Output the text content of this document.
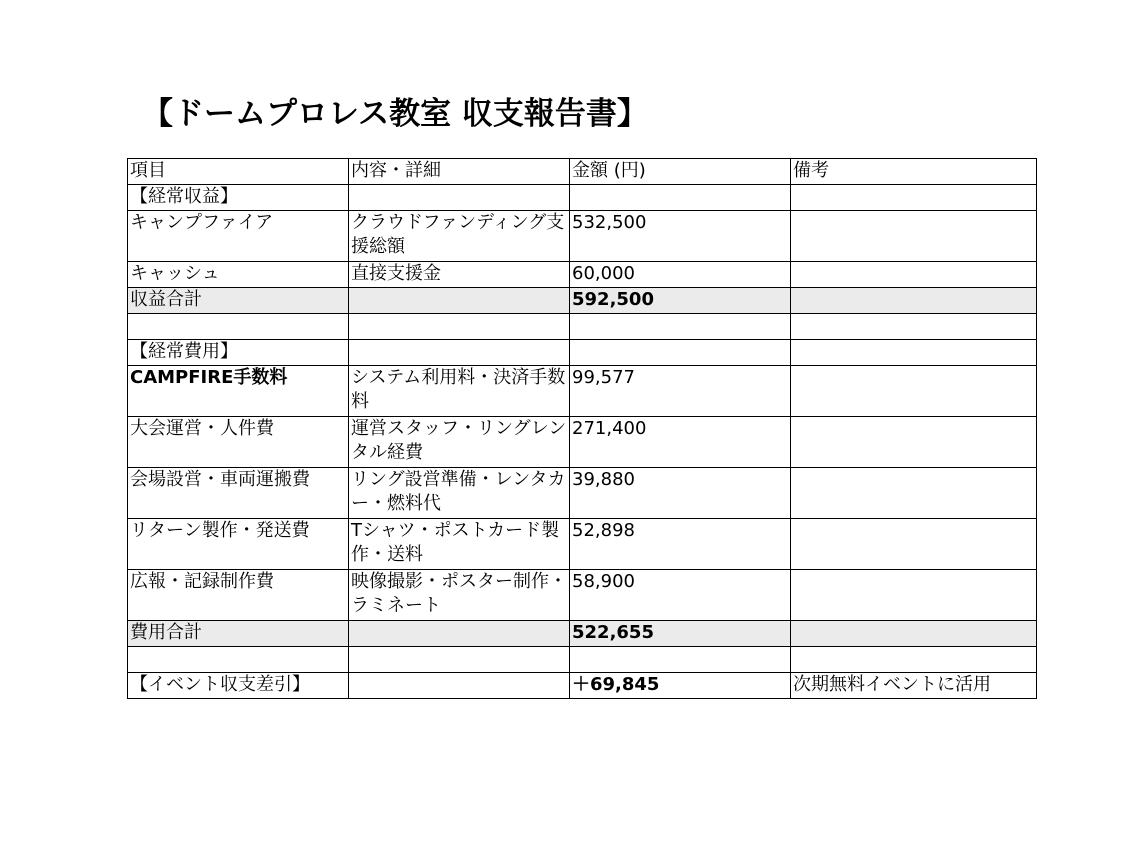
【ドームプロレス教室 収支報告書】
項目	内容・詳細	金額 (円)	備考
【経常収益】			
キャンプファイア	クラウドファンディング支援総額	532,500	
キャッシュ	直接支援金	60,000	
収益合計		592,500	

【経常費用】			
CAMPFIRE手数料	システム利用料・決済手数料	99,577	
大会運営・人件費	運営スタッフ・リングレンタル経費	271,400	
会場設営・車両運搬費	リング設営準備・レンタカー・燃料代	39,880	
リターン製作・発送費	Tシャツ・ポストカード製作・送料	52,898	
広報・記録制作費	映像撮影・ポスター制作・ラミネート	58,900	
費用合計		522,655	

【イベント収支差引】		＋69,845	次期無料イベントに活用
